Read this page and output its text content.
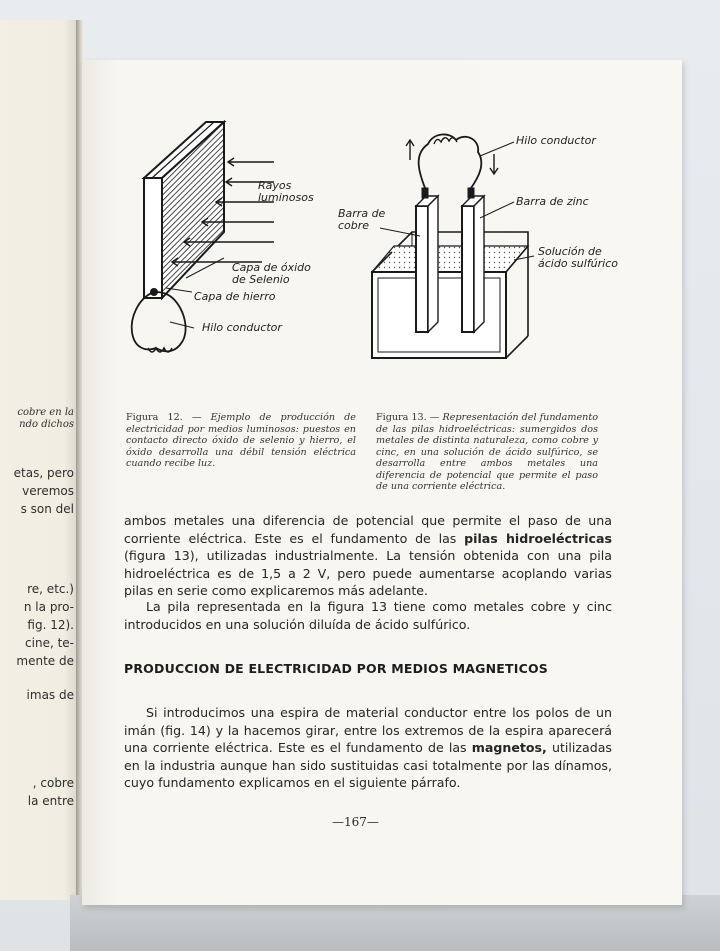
cobre en la
ndo dichos
etas, pero
veremos
s son del
re, etc.)
n la pro-
fig. 12).
cine, te-
mente de
imas de
, cobre
la entre
Rayos luminosos
Capa de óxido de Selenio
Capa de hierro
Hilo conductor
Hilo conductor
Barra de zinc
Barra de cobre
Solución de ácido sulfúrico
Figura 12. — Ejemplo de producción de electricidad por medios luminosos: puestos en contacto directo óxido de selenio y hierro, el óxido desarrolla una débil tensión eléctrica cuando recibe luz.
Figura 13. — Representación del fundamento de las pilas hidroeléctricas: sumergidos dos metales de distinta naturaleza, como cobre y cinc, en una solución de ácido sulfúrico, se desarrolla entre ambos metales una diferencia de potencial que permite el paso de una corriente eléctrica.

ambos metales una diferencia de potencial que permite el paso de una corriente eléctrica. Este es el fundamento de las pilas hidroeléctricas (figura 13), utilizadas industrialmente. La tensión obtenida con una pila hidroeléctrica es de 1,5 a 2 V, pero puede aumentarse acoplando varias pilas en serie como explicaremos más adelante.

La pila representada en la figura 13 tiene como metales cobre y cinc introducidos en una solución diluída de ácido sulfúrico.

PRODUCCION DE ELECTRICIDAD POR MEDIOS MAGNETICOS

Si introducimos una espira de material conductor entre los polos de un imán (fig. 14) y la hacemos girar, entre los extremos de la espira aparecerá una corriente eléctrica. Este es el fundamento de las magnetos, utilizadas en la industria aunque han sido sustituidas casi totalmente por las dínamos, cuyo fundamento explicamos en el siguiente párrafo.

—167—
